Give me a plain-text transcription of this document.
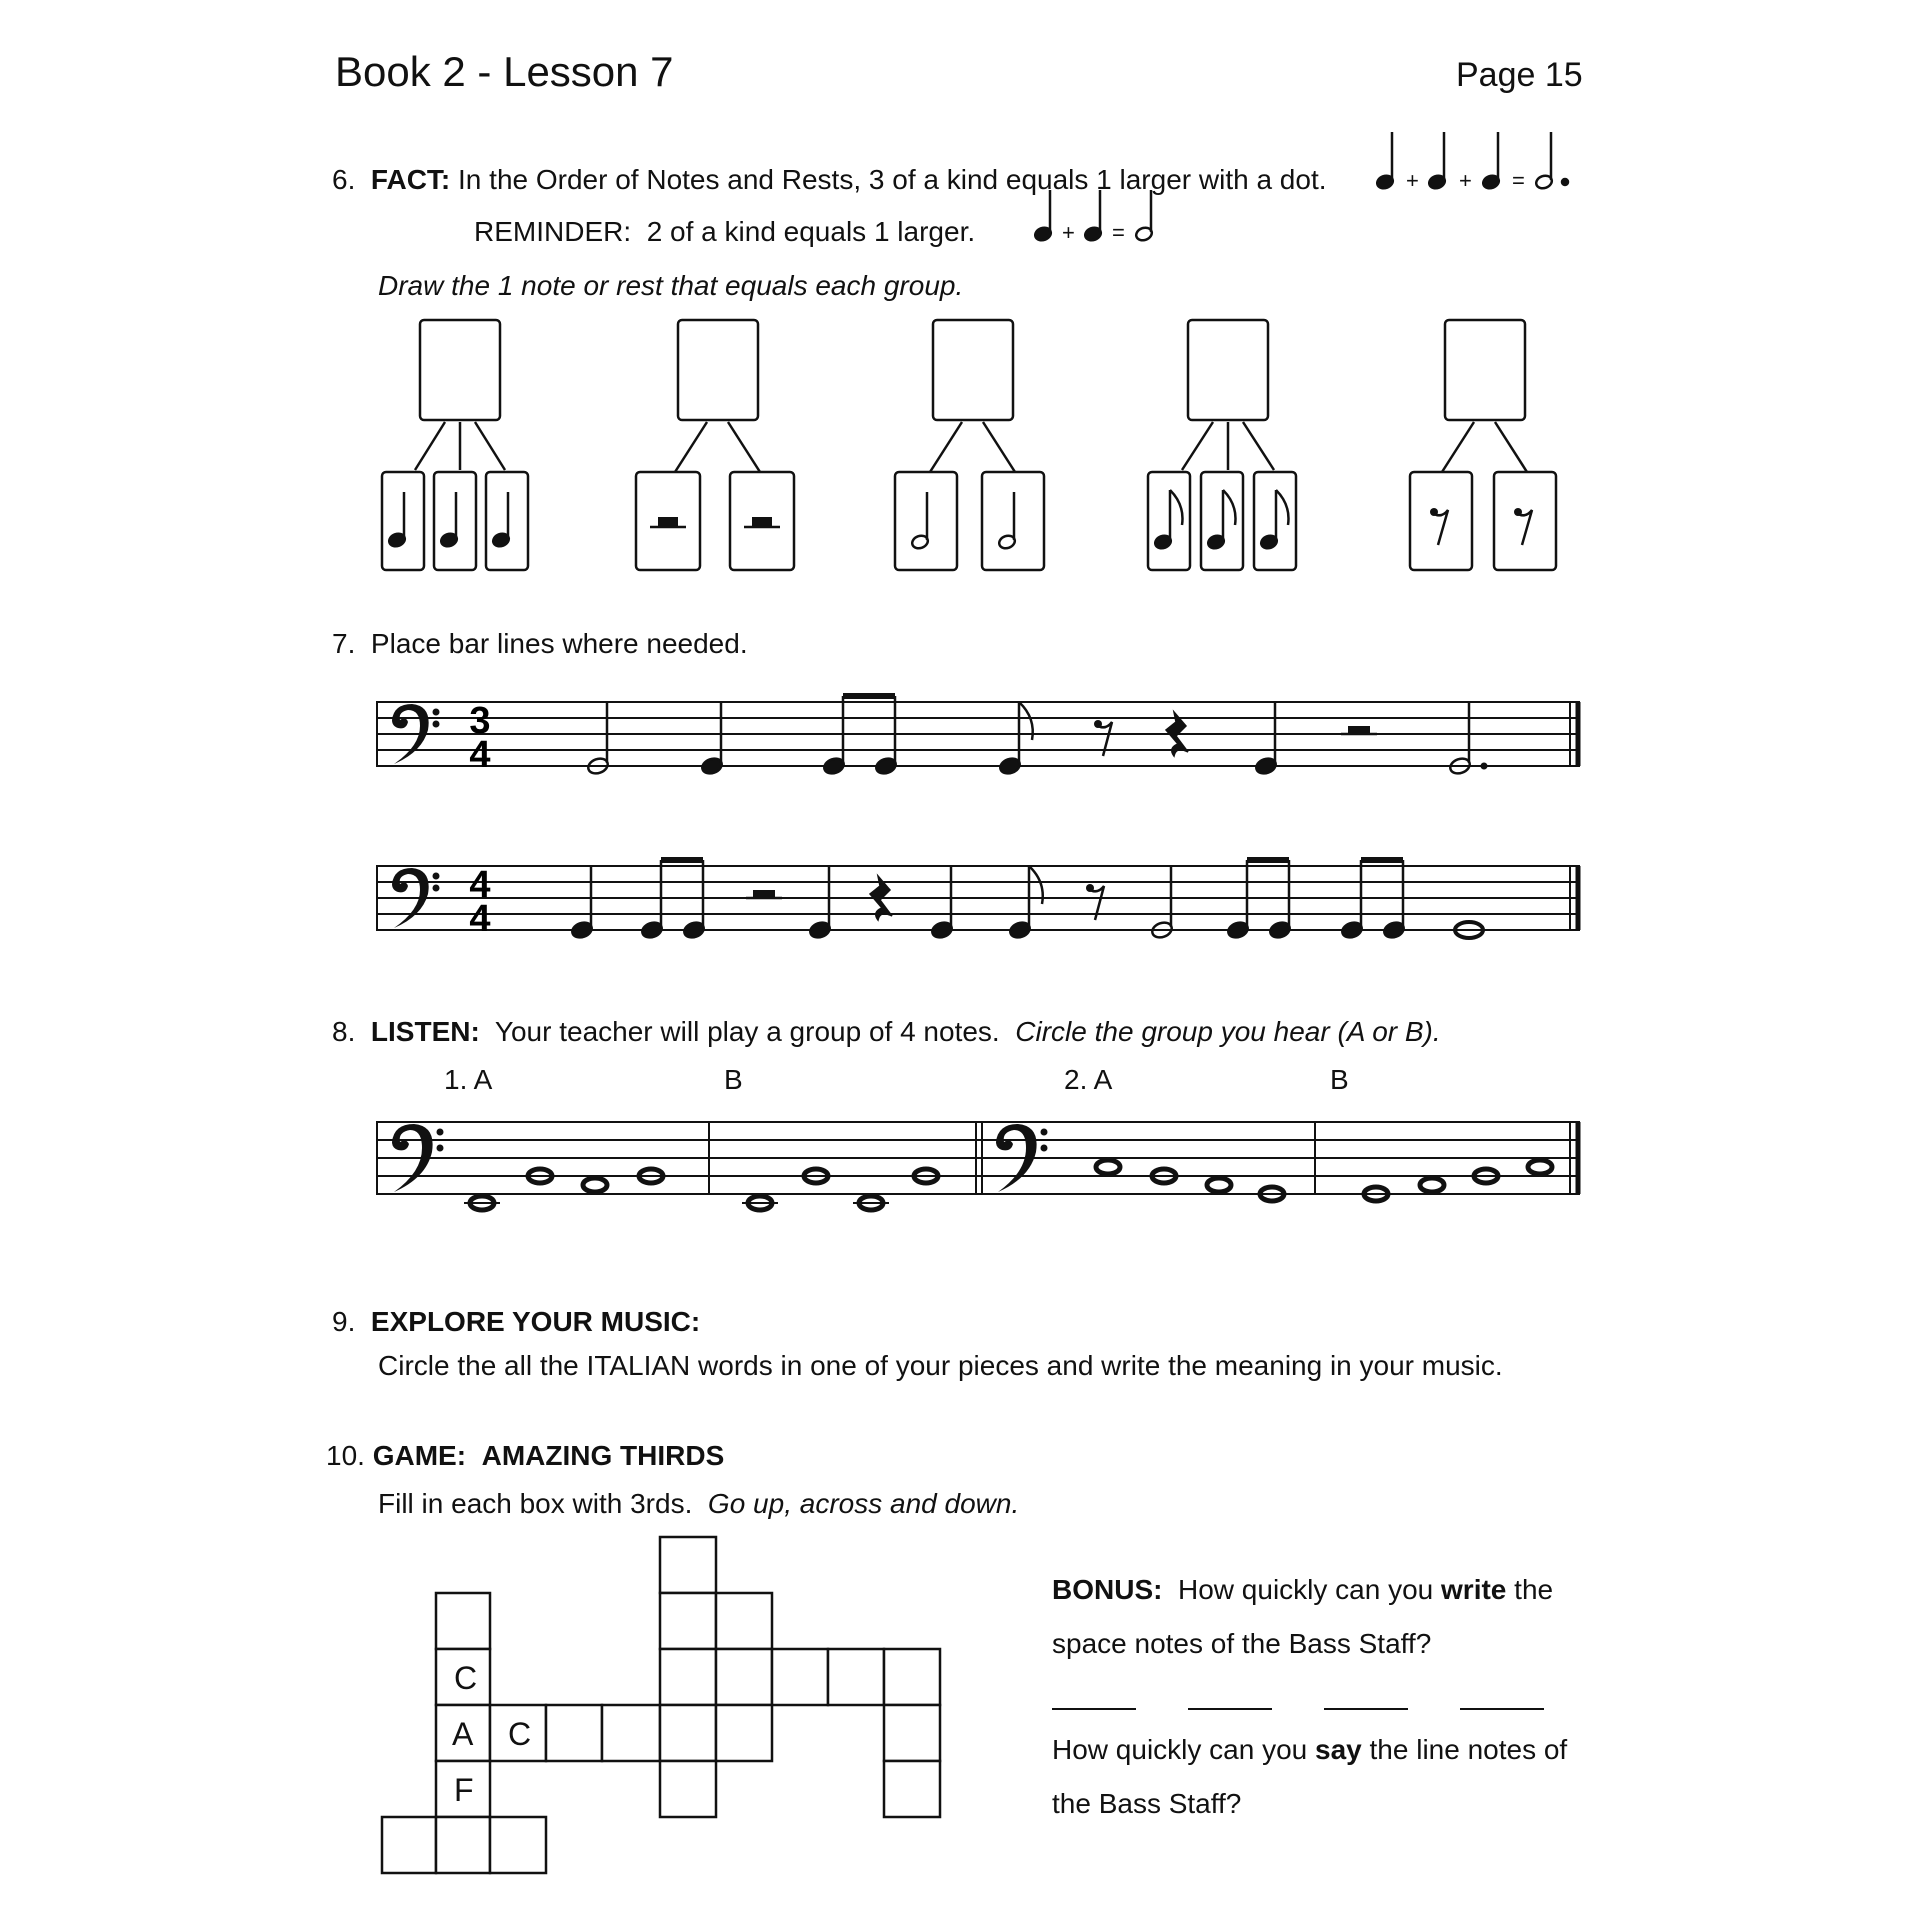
Book 2 - Lesson 7	Page 15
6. FACT: In the Order of Notes and Rests, 3 of a kind equals 1 larger with a dot.
REMINDER: 2 of a kind equals 1 larger.
Draw the 1 note or rest that equals each group.
+ + =
+ =
7. Place bar lines where needed.
3
4
4
4
8. LISTEN: Your teacher will play a group of 4 notes. Circle the group you hear (A or B).
1. A	B	2. A	B
9. EXPLORE YOUR MUSIC:
Circle the all the ITALIAN words in one of your pieces and write the meaning in your music.
10. GAME: AMAZING THIRDS
Fill in each box with 3rds. Go up, across and down.
C
A C
F
BONUS: How quickly can you write the
space notes of the Bass Staff?
How quickly can you say the line notes of
the Bass Staff?
